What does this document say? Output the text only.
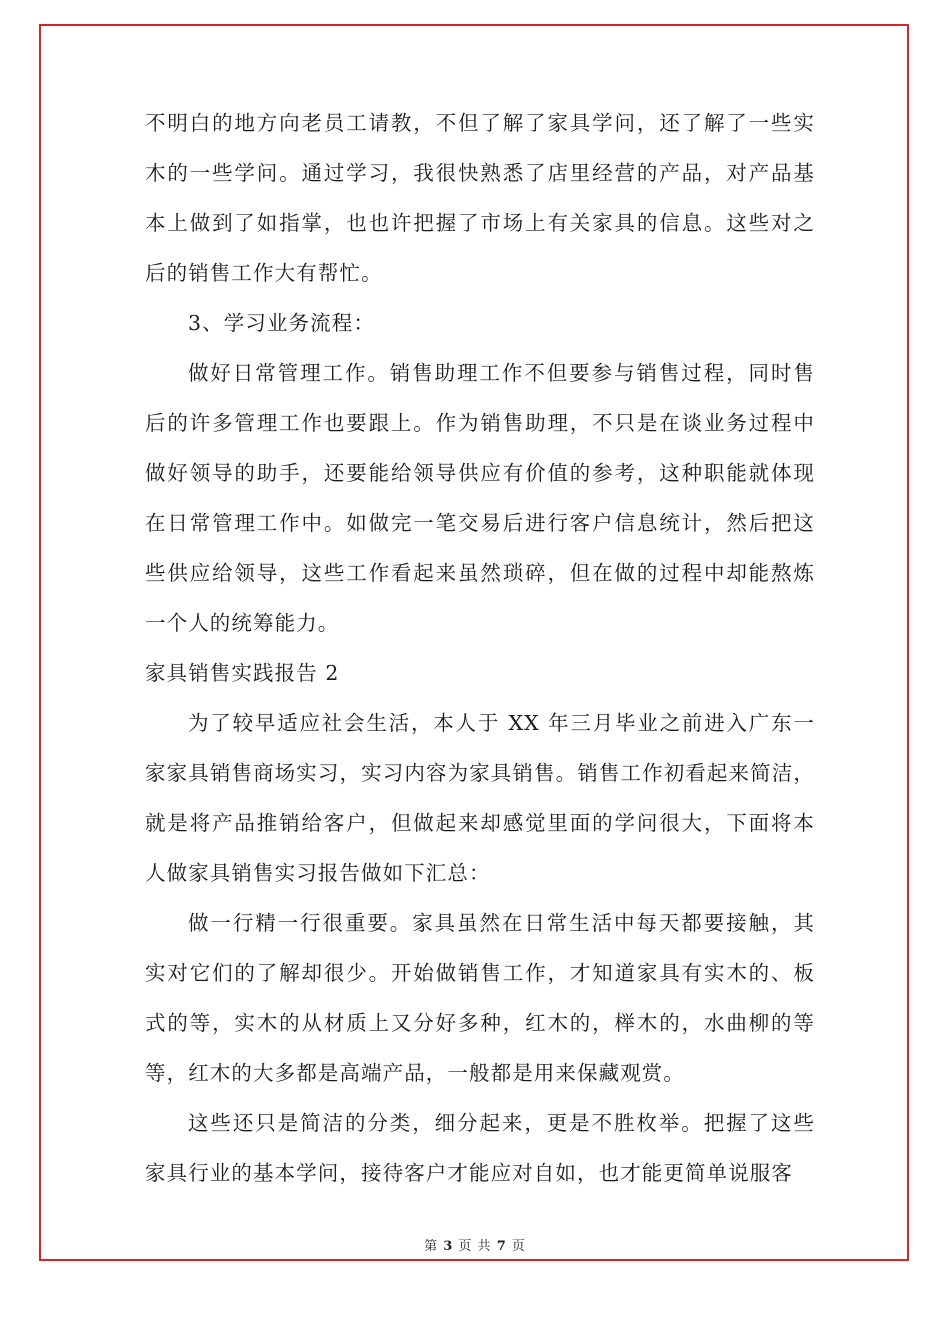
不明白的地方向老员工请教，不但了解了家具学问，还了解了一些实
木的一些学问。通过学习，我很快熟悉了店里经营的产品，对产品基
本上做到了如指掌，也也许把握了市场上有关家具的信息。这些对之
后的销售工作大有帮忙。
3、学习业务流程：
做好日常管理工作。销售助理工作不但要参与销售过程，同时售
后的许多管理工作也要跟上。作为销售助理，不只是在谈业务过程中
做好领导的助手，还要能给领导供应有价值的参考，这种职能就体现
在日常管理工作中。如做完一笔交易后进行客户信息统计，然后把这
些供应给领导，这些工作看起来虽然琐碎，但在做的过程中却能熬炼
一个人的统筹能力。
家具销售实践报告 2
为了较早适应社会生活，本人于 XX 年三月毕业之前进入广东一
家家具销售商场实习，实习内容为家具销售。销售工作初看起来简洁，
就是将产品推销给客户，但做起来却感觉里面的学问很大，下面将本
人做家具销售实习报告做如下汇总：
做一行精一行很重要。家具虽然在日常生活中每天都要接触，其
实对它们的了解却很少。开始做销售工作，才知道家具有实木的、板
式的等，实木的从材质上又分好多种，红木的，榉木的，水曲柳的等
等，红木的大多都是高端产品，一般都是用来保藏观赏。
这些还只是简洁的分类，细分起来，更是不胜枚举。把握了这些
家具行业的基本学问，接待客户才能应对自如，也才能更简单说服客
第 3 页 共 7 页
